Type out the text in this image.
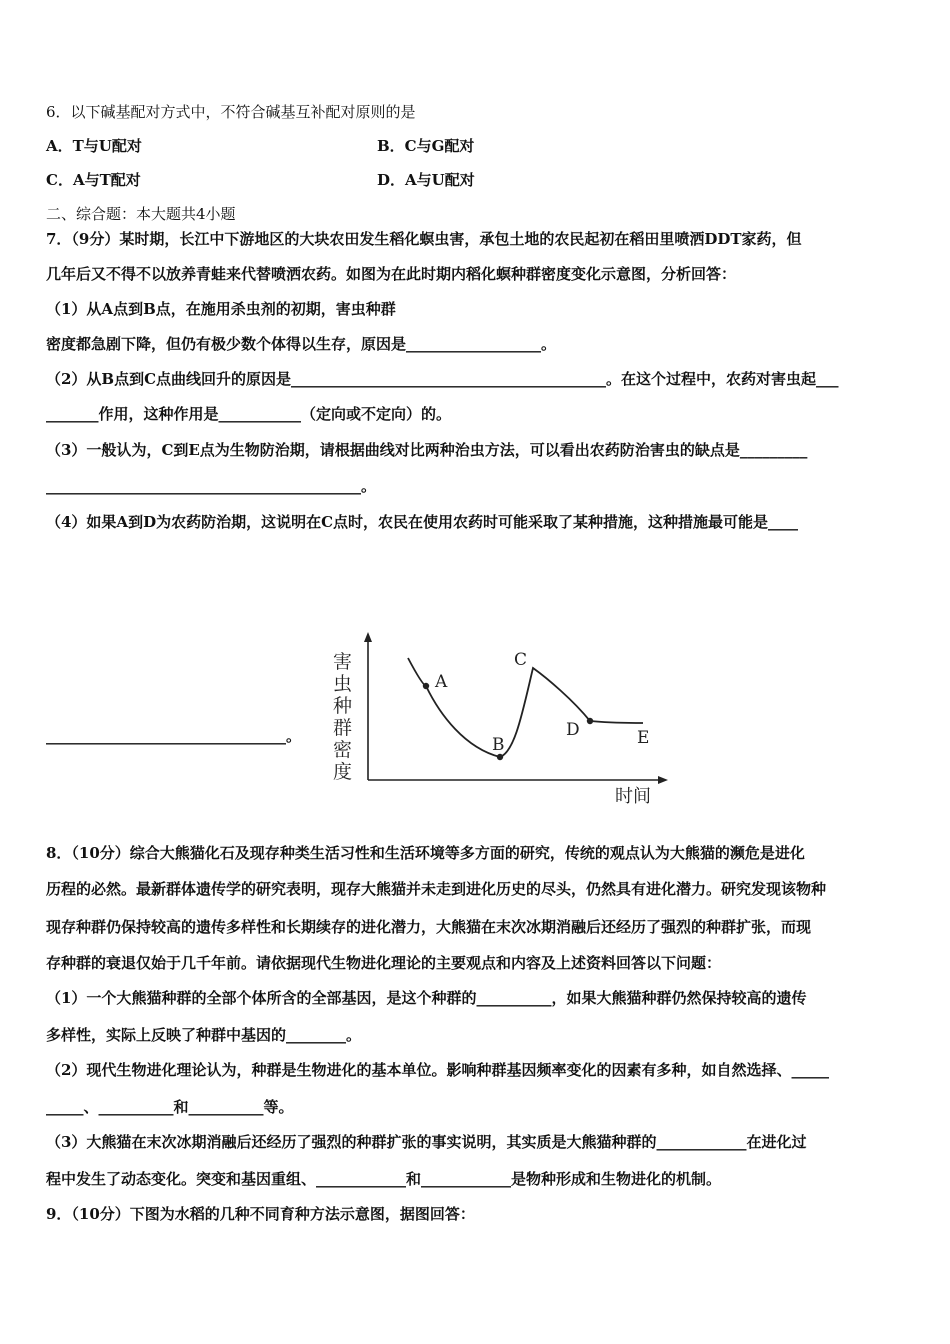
6．以下碱基配对方式中，不符合碱基互补配对原则的是
A．T与U配对	B．C与G配对
C．A与T配对	D．A与U配对
二、综合题：本大题共4小题
7．（9分）某时期，长江中下游地区的大块农田发生稻化螟虫害，承包土地的农民起初在稻田里喷洒DDT家药，但
几年后又不得不以放养青蛙来代替喷洒农药。如图为在此时期内稻化螟种群密度变化示意图，分析回答：
（1）从A点到B点，在施用杀虫剂的初期，害虫种群
密度都急剧下降，但仍有极少数个体得以生存，原因是__________________。
（2）从B点到C点曲线回升的原因是__________________________________________。在这个过程中，农药对害虫起___
_______作用，这种作用是___________（定向或不定向）的。
（3）一般认为，C到E点为生物防治期，请根据曲线对比两种治虫方法，可以看出农药防治害虫的缺点是_________
__________________________________________。
（4）如果A到D为农药防治期，这说明在C点时，农民在使用农药时可能采取了某种措施，这种措施最可能是____
________________________________。
害
虫
种
群
密
度
A
B
C
D	E
时间
8．（10分）综合大熊猫化石及现存种类生活习性和生活环境等多方面的研究，传统的观点认为大熊猫的濒危是进化
历程的必然。最新群体遗传学的研究表明，现存大熊猫并未走到进化历史的尽头，仍然具有进化潜力。研究发现该物种
现存种群仍保持较高的遗传多样性和长期续存的进化潜力，大熊猫在末次冰期消融后还经历了强烈的种群扩张，而现
存种群的衰退仅始于几千年前。请依据现代生物进化理论的主要观点和内容及上述资料回答以下问题：
（1）一个大熊猫种群的全部个体所含的全部基因，是这个种群的__________，如果大熊猫种群仍然保持较高的遗传
多样性，实际上反映了种群中基因的________。
（2）现代生物进化理论认为，种群是生物进化的基本单位。影响种群基因频率变化的因素有多种，如自然选择、_____
_____、__________和__________等。
（3）大熊猫在末次冰期消融后还经历了强烈的种群扩张的事实说明，其实质是大熊猫种群的____________在进化过
程中发生了动态变化。突变和基因重组、____________和____________是物种形成和生物进化的机制。
9．（10分）下图为水稻的几种不同育种方法示意图，据图回答：
